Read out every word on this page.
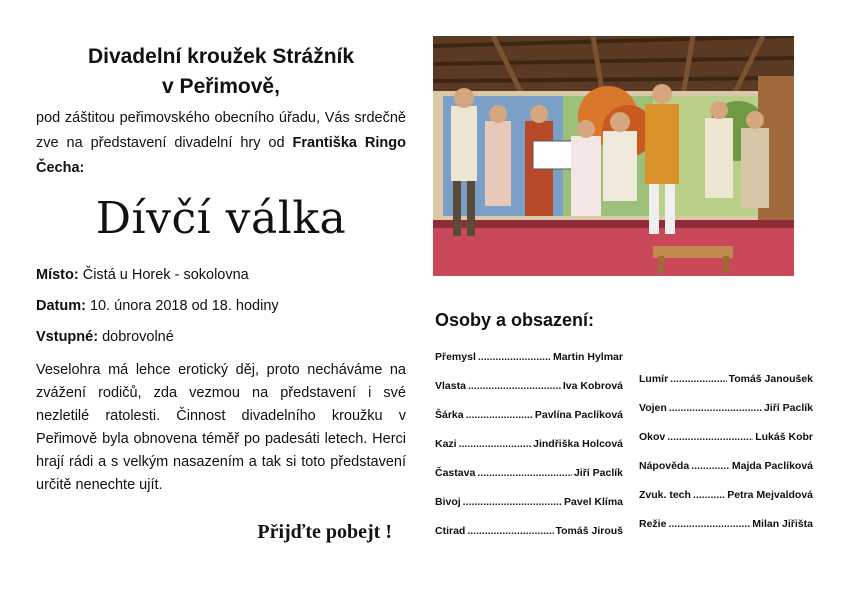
Divadelní kroužek Strážník
v Peřimově,
pod záštitou peřimovského obecního úřadu, Vás srdečně zve na představení divadelní hry od Františka Ringo Čecha:
Dívčí válka
Místo: Čistá u Horek - sokolovna
Datum: 10. února 2018 od 18. hodiny
Vstupné: dobrovolné
Veselohra má lehce erotický děj, proto necháváme na zvážení rodičů, zda vezmou na představení i své nezletilé ratolesti. Činnost divadelního kroužku v Peřimově byla obnovena téměř po padesáti letech. Herci hrají rádi a s velkým nasazením a tak si toto představení určitě nenechte ujít.
Přijďte pobejt !
Osoby a obsazení:
Přemysl .....	Martin Hylmar
Vlasta .....	Iva Kobrová
Šárka .....	Pavlína Paclíková
Kazi .....	Jindřiška Holcová
Častava .....	Jiří Paclík
Bivoj .....	Pavel Klíma
Ctirad .....	Tomáš Jirouš
Lumír .....	Tomáš Janoušek
Vojen .....	Jiří Paclík
Okov .....	Lukáš Kobr
Nápověda .....	Majda Paclíková
Zvuk. tech .....	Petra Mejvaldová
Režie .....	Milan Jiřišta
